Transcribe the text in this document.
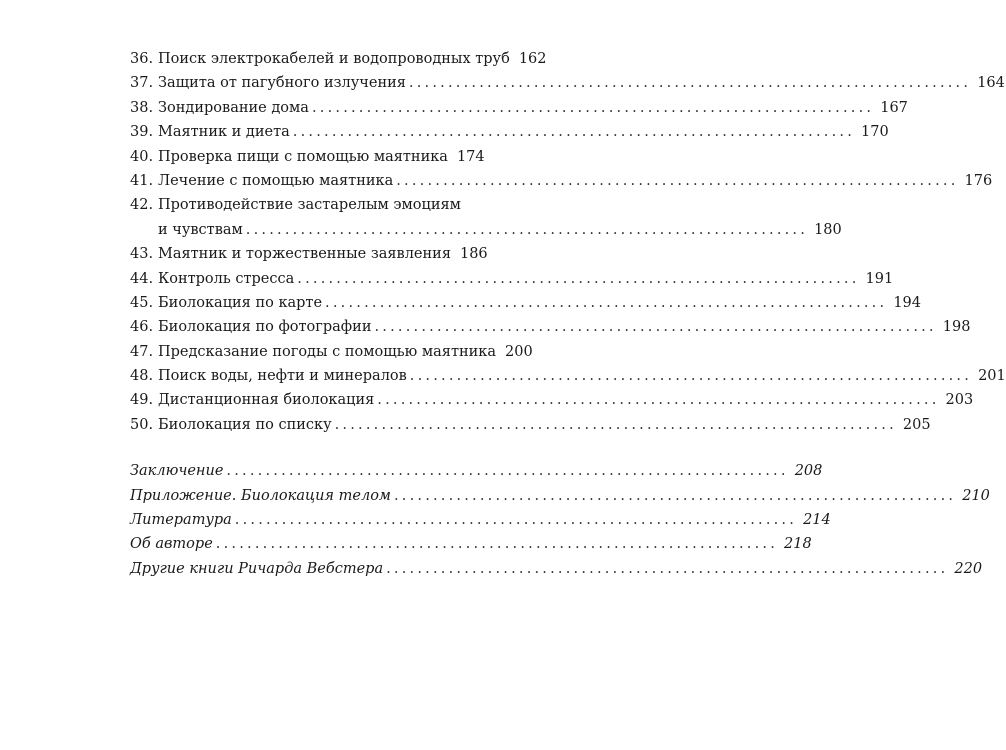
36. Поиск электрокабелей и водопроводных труб 162
37. Защита от пагубного излучения ........................................................................ 164
38. Зондирование дома ........................................................................ 167
39. Маятник и диета ........................................................................ 170
40. Проверка пищи с помощью маятника 174
41. Лечение с помощью маятника ........................................................................ 176
42. Противодействие застарелым эмоциям
и чувствам ........................................................................ 180
43. Маятник и торжественные заявления 186
44. Контроль стресса ........................................................................ 191
45. Биолокация по карте ........................................................................ 194
46. Биолокация по фотографии ........................................................................ 198
47. Предсказание погоды с помощью маятника 200
48. Поиск воды, нефти и минералов ........................................................................ 201
49. Дистанционная биолокация ........................................................................ 203
50. Биолокация по списку ........................................................................ 205
Заключение ........................................................................ 208
Приложение. Биолокация телом ........................................................................ 210
Литература ........................................................................ 214
Об авторе ........................................................................ 218
Другие книги Ричарда Вебстера ........................................................................ 220
